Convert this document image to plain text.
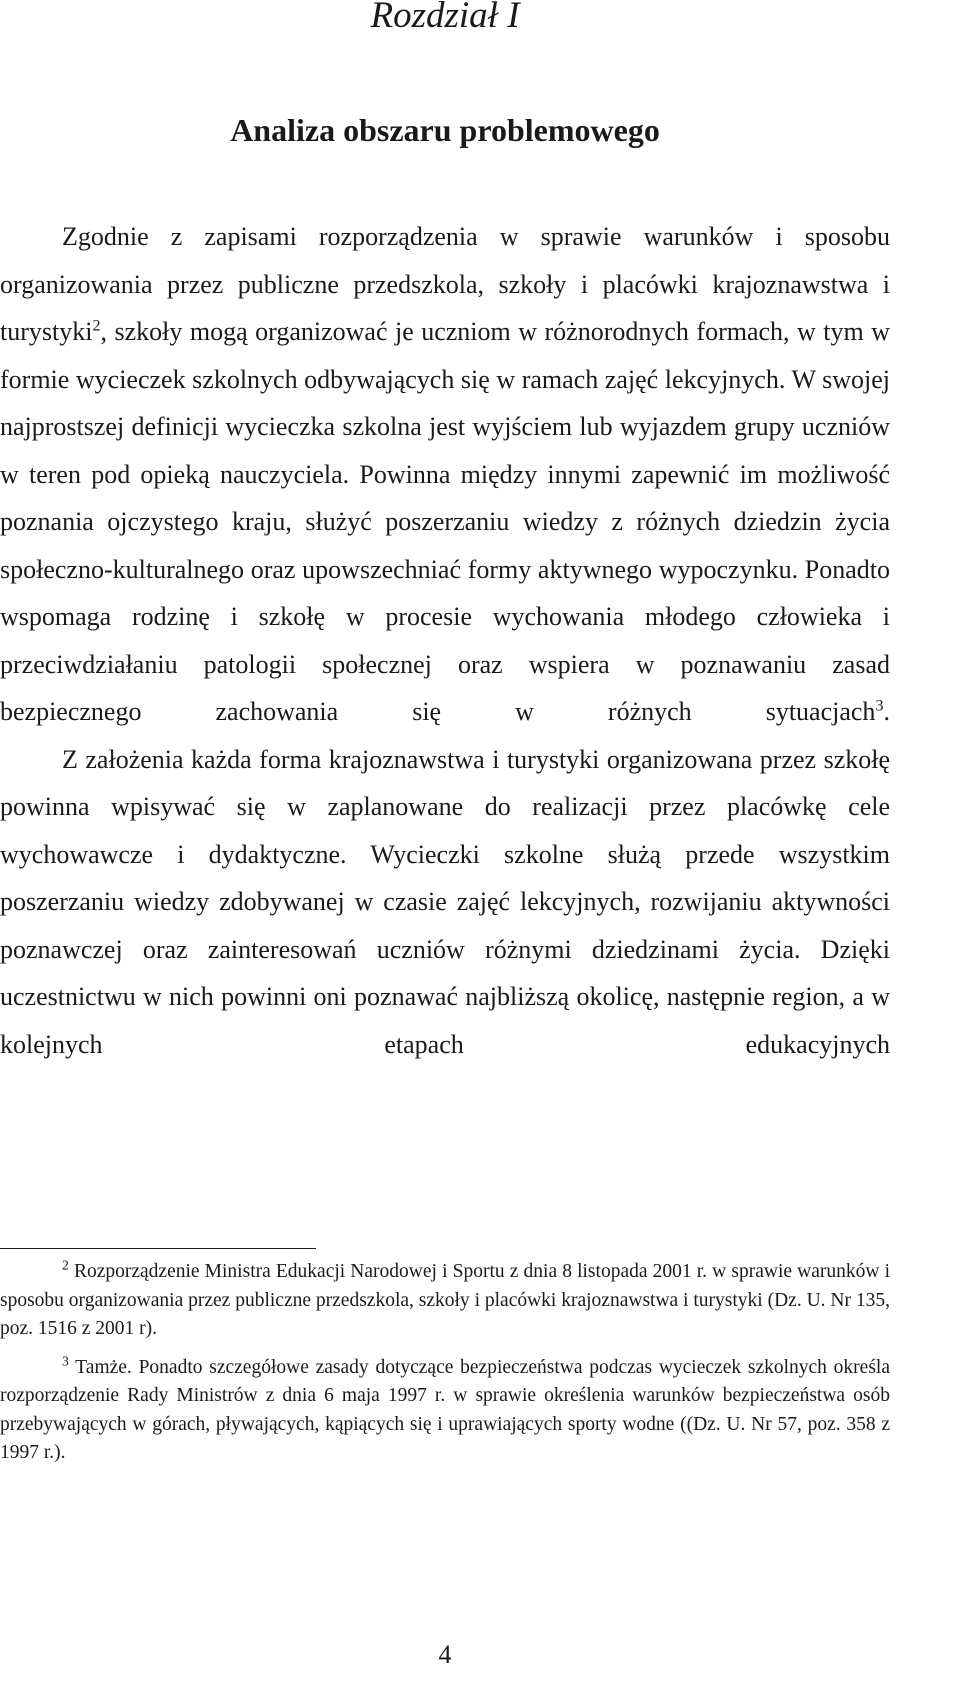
Rozdział I
Analiza obszaru problemowego

Zgodnie z zapisami rozporządzenia w sprawie warunków i sposobu organizowania przez publiczne przedszkola, szkoły i placówki krajoznawstwa i turystyki$^2$, szkoły mogą organizować je uczniom w różnorodnych formach, w tym w formie wycieczek szkolnych odbywających się w ramach zajęć lekcyjnych. W swojej najprostszej definicji wycieczka szkolna jest wyjściem lub wyjazdem grupy uczniów w teren pod opieką nauczyciela. Powinna między innymi zapewnić im możliwość poznania ojczystego kraju, służyć poszerzaniu wiedzy z różnych dziedzin życia społeczno-kulturalnego oraz upowszechniać formy aktywnego wypoczynku. Ponadto wspomaga rodzinę i szkołę w procesie wychowania młodego człowieka i przeciwdziałaniu patologii społecznej oraz wspiera w poznawaniu zasad bezpiecznego zachowania się w różnych sytuacjach$^3$.

Z założenia każda forma krajoznawstwa i turystyki organizowana przez szkołę powinna wpisywać się w zaplanowane do realizacji przez placówkę cele wychowawcze i dydaktyczne. Wycieczki szkolne służą przede wszystkim poszerzaniu wiedzy zdobywanej w czasie zajęć lekcyjnych, rozwijaniu aktywności poznawczej oraz zainteresowań uczniów różnymi dziedzinami życia. Dzięki uczestnictwu w nich powinni oni poznawać najbliższą okolicę, następnie region, a w kolejnych etapach edukacyjnych

$^2$ Rozporządzenie Ministra Edukacji Narodowej i Sportu z dnia 8 listopada 2001 r. w sprawie warunków i sposobu organizowania przez publiczne przedszkola, szkoły i placówki krajoznawstwa i turystyki (Dz. U. Nr 135, poz. 1516 z 2001 r).

$^3$ Tamże. Ponadto szczegółowe zasady dotyczące bezpieczeństwa podczas wycieczek szkolnych określa rozporządzenie Rady Ministrów z dnia 6 maja 1997 r. w sprawie określenia warunków bezpieczeństwa osób przebywających w górach, pływających, kąpiących się i uprawiających sporty wodne ((Dz. U. Nr 57, poz. 358 z 1997 r.).

4
